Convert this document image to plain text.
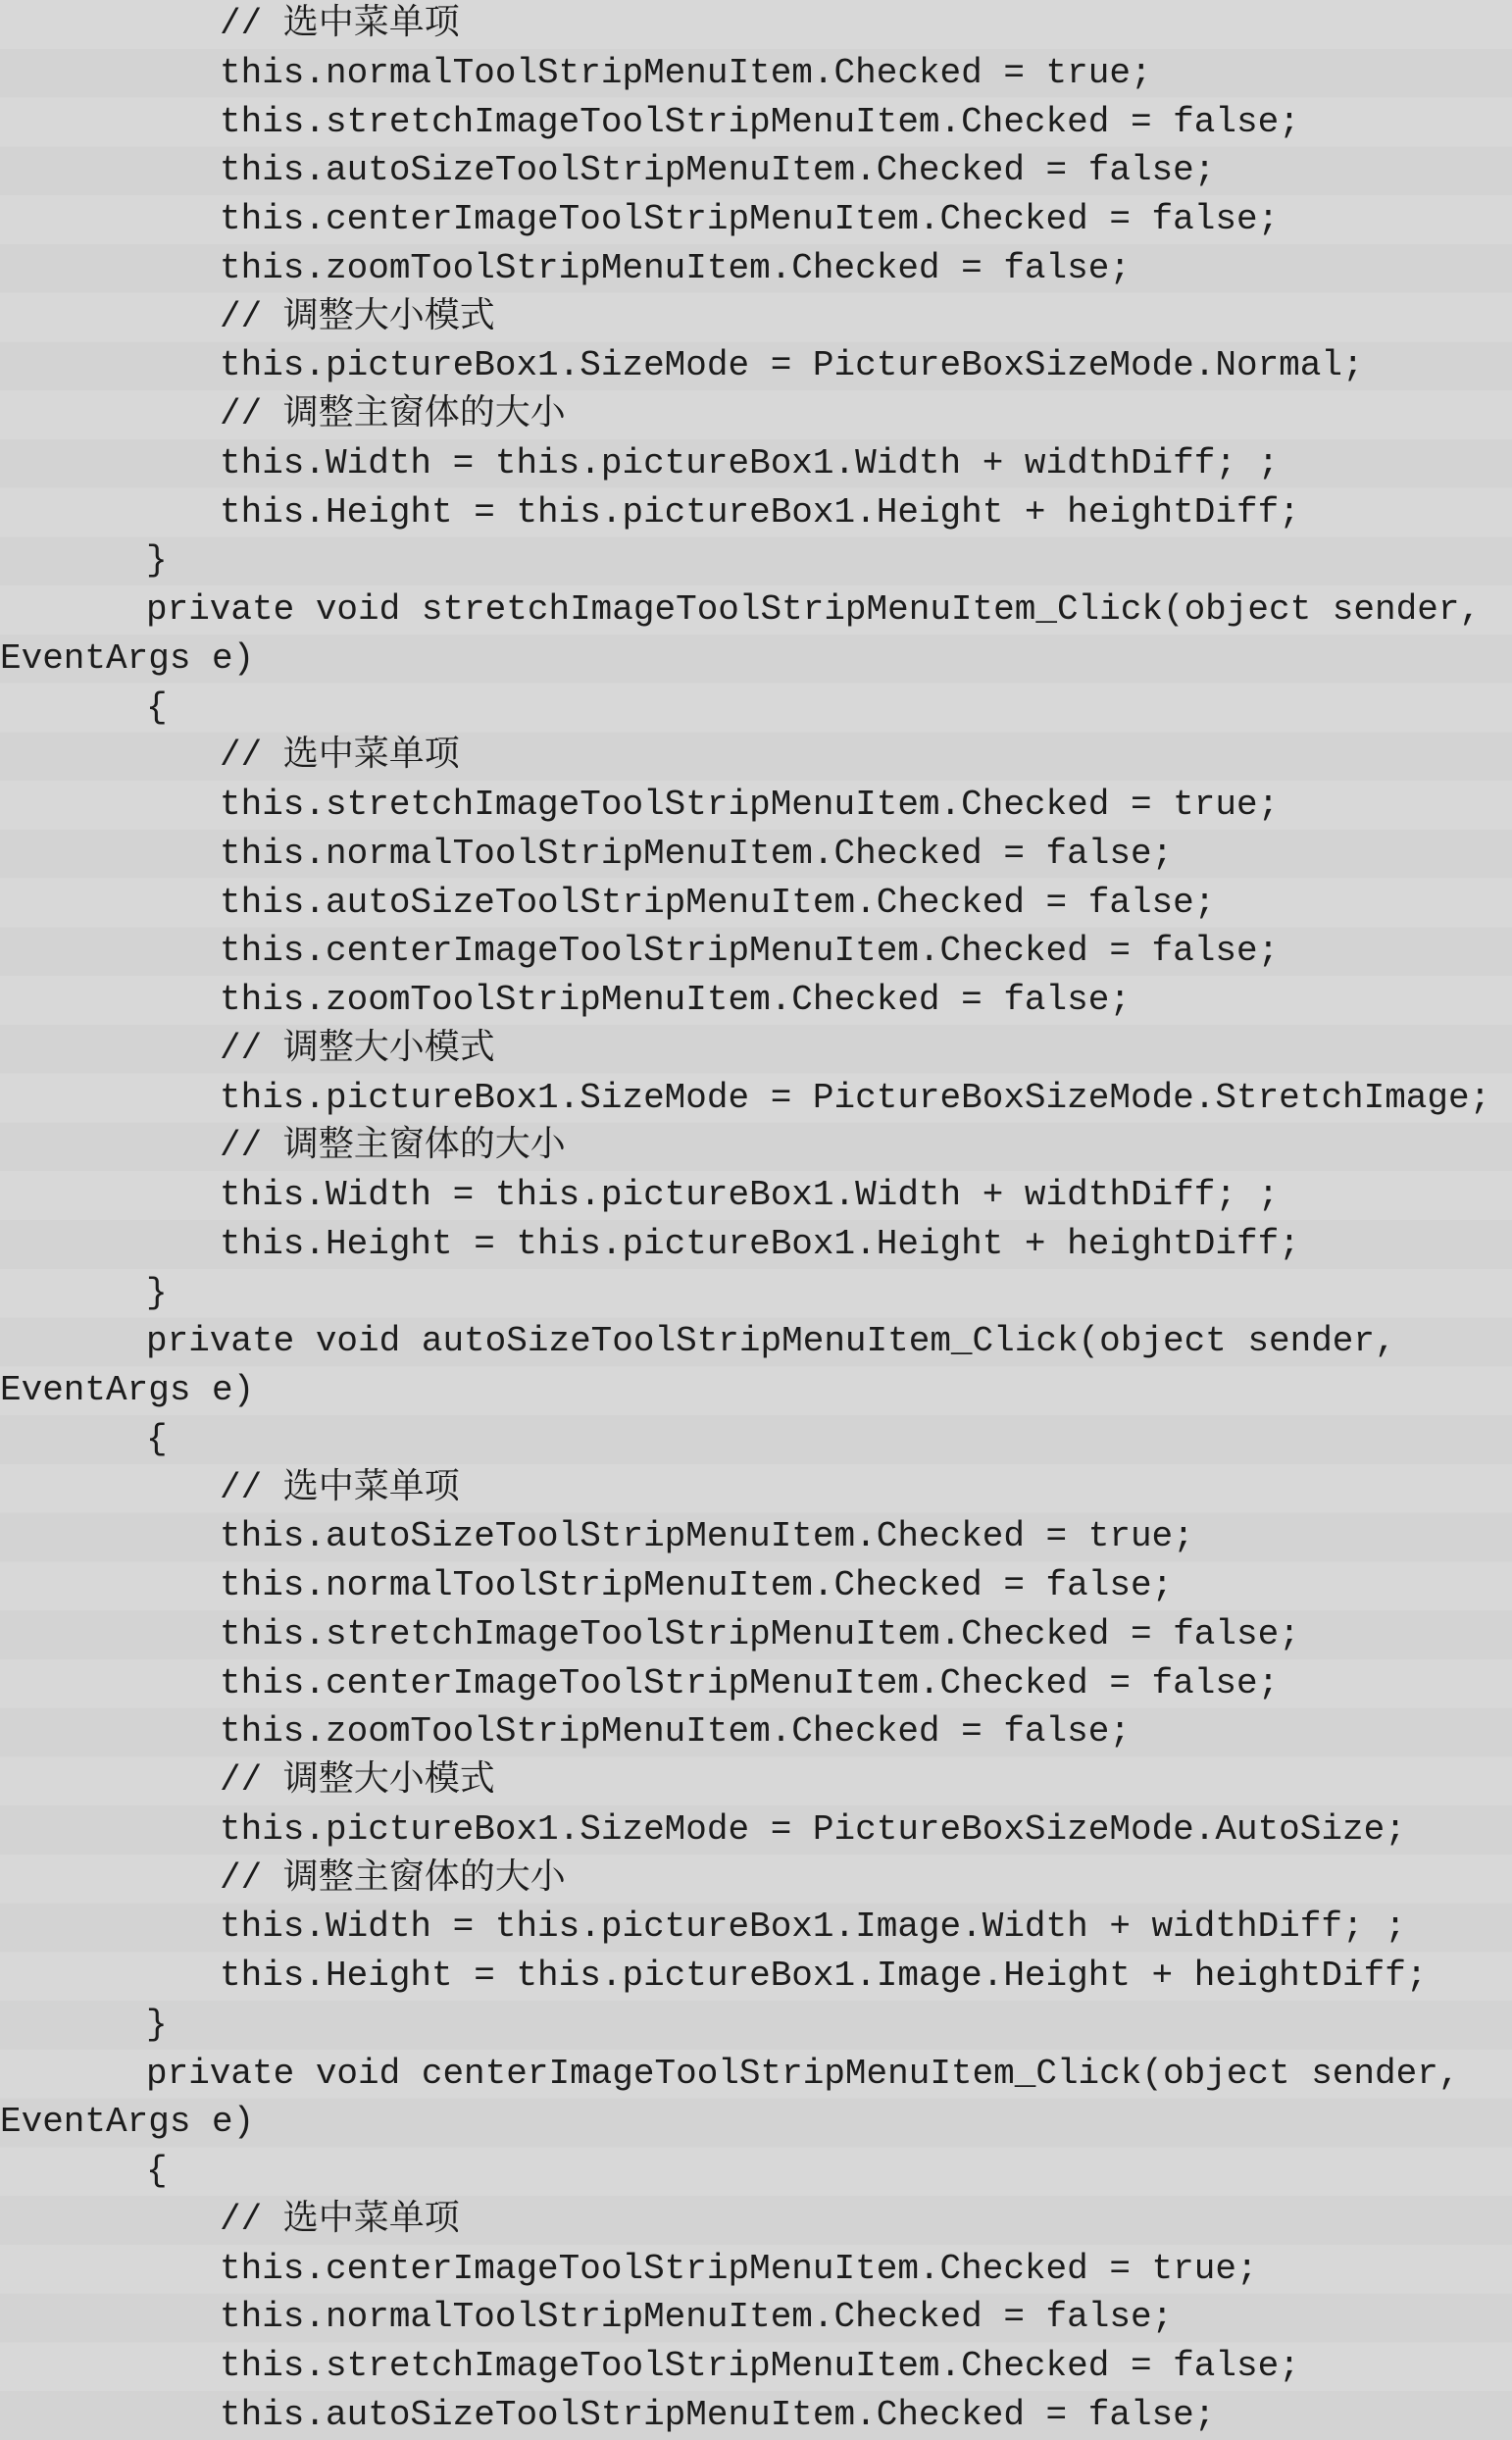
// 选中菜单项
this.normalToolStripMenuItem.Checked = true;
this.stretchImageToolStripMenuItem.Checked = false;
this.autoSizeToolStripMenuItem.Checked = false;
this.centerImageToolStripMenuItem.Checked = false;
this.zoomToolStripMenuItem.Checked = false;
// 调整大小模式
this.pictureBox1.SizeMode = PictureBoxSizeMode.Normal;
// 调整主窗体的大小
this.Width = this.pictureBox1.Width + widthDiff; ;
this.Height = this.pictureBox1.Height + heightDiff;
}
private void stretchImageToolStripMenuItem_Click(object sender,
EventArgs e)
{
// 选中菜单项
this.stretchImageToolStripMenuItem.Checked = true;
this.normalToolStripMenuItem.Checked = false;
this.autoSizeToolStripMenuItem.Checked = false;
this.centerImageToolStripMenuItem.Checked = false;
this.zoomToolStripMenuItem.Checked = false;
// 调整大小模式
this.pictureBox1.SizeMode = PictureBoxSizeMode.StretchImage;
// 调整主窗体的大小
this.Width = this.pictureBox1.Width + widthDiff; ;
this.Height = this.pictureBox1.Height + heightDiff;
}
private void autoSizeToolStripMenuItem_Click(object sender,
EventArgs e)
{
// 选中菜单项
this.autoSizeToolStripMenuItem.Checked = true;
this.normalToolStripMenuItem.Checked = false;
this.stretchImageToolStripMenuItem.Checked = false;
this.centerImageToolStripMenuItem.Checked = false;
this.zoomToolStripMenuItem.Checked = false;
// 调整大小模式
this.pictureBox1.SizeMode = PictureBoxSizeMode.AutoSize;
// 调整主窗体的大小
this.Width = this.pictureBox1.Image.Width + widthDiff; ;
this.Height = this.pictureBox1.Image.Height + heightDiff;
}
private void centerImageToolStripMenuItem_Click(object sender,
EventArgs e)
{
// 选中菜单项
this.centerImageToolStripMenuItem.Checked = true;
this.normalToolStripMenuItem.Checked = false;
this.stretchImageToolStripMenuItem.Checked = false;
this.autoSizeToolStripMenuItem.Checked = false;
